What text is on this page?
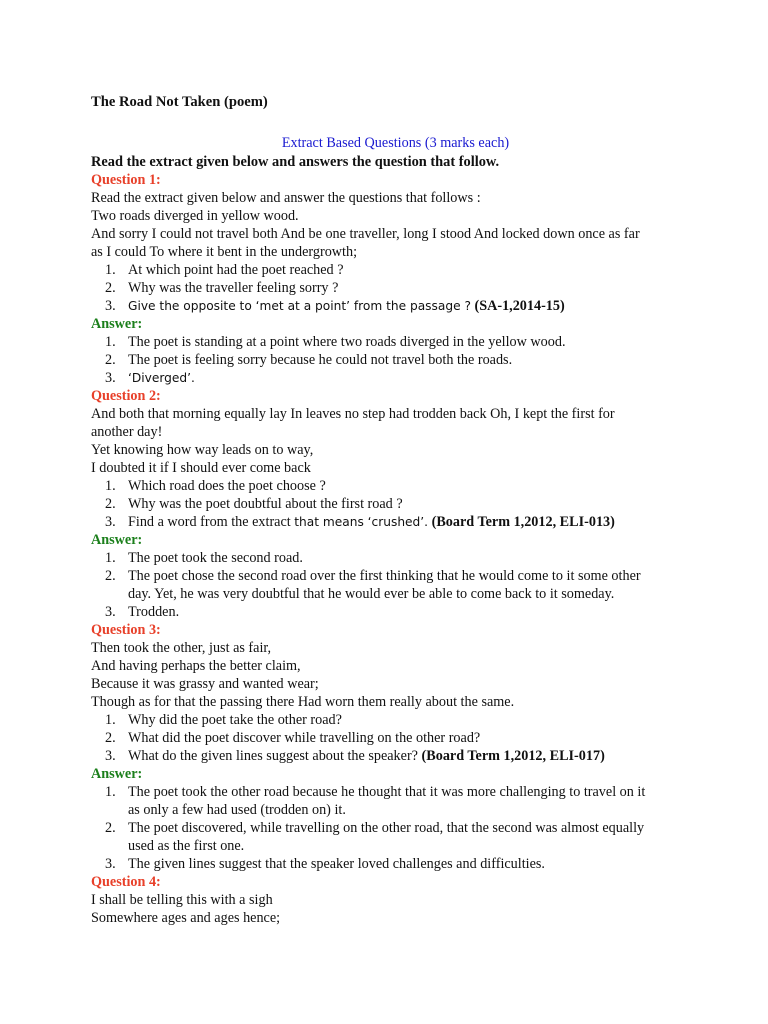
The Road Not Taken (poem)

Extract Based Questions (3 marks each)

Read the extract given below and answers the question that follow.

Question 1:

Read the extract given below and answer the questions that follows :

Two roads diverged in yellow wood.

And sorry I could not travel both And be one traveller, long I stood And locked down once as far

as I could To where it bent in the undergrowth;

1. At which point had the poet reached ?
2. Why was the traveller feeling sorry ?
3. Give the opposite to ‘met at a point’ from the passage ? (SA-1,2014-15)

Answer:

1. The poet is standing at a point where two roads diverged in the yellow wood.
2. The poet is feeling sorry because he could not travel both the roads.
3. ‘Diverged’.

Question 2:

And both that morning equally lay In leaves no step had trodden back Oh, I kept the first for

another day!

Yet knowing how way leads on to way,

I doubted it if I should ever come back

1. Which road does the poet choose ?
2. Why was the poet doubtful about the first road ?
3. Find a word from the extract that means ‘crushed’. (Board Term 1,2012, ELI-013)

Answer:

1. The poet took the second road.
2. The poet chose the second road over the first thinking that he would come to it some other
day. Yet, he was very doubtful that he would ever be able to come back to it someday.
3. Trodden.

Question 3:

Then took the other, just as fair,

And having perhaps the better claim,

Because it was grassy and wanted wear;

Though as for that the passing there Had worn them really about the same.

1. Why did the poet take the other road?
2. What did the poet discover while travelling on the other road?
3. What do the given lines suggest about the speaker? (Board Term 1,2012, ELI-017)

Answer:

1. The poet took the other road because he thought that it was more challenging to travel on it
as only a few had used (trodden on) it.
2. The poet discovered, while travelling on the other road, that the second was almost equally
used as the first one.
3. The given lines suggest that the speaker loved challenges and difficulties.

Question 4:

I shall be telling this with a sigh

Somewhere ages and ages hence;
